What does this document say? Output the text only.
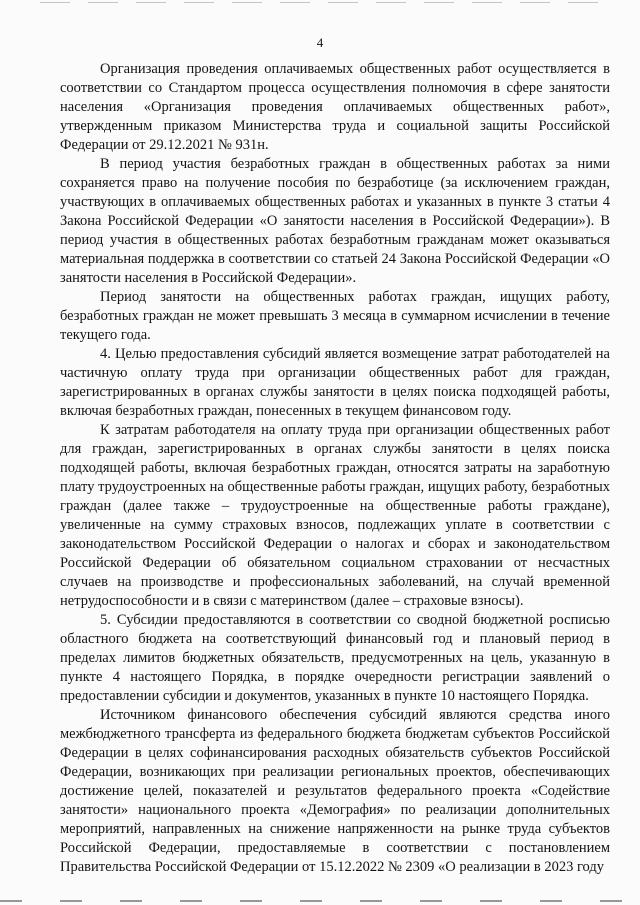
4

Организация проведения оплачиваемых общественных работ осуществляется в соответствии со Стандартом процесса осуществления полномочия в сфере занятости населения «Организация проведения оплачиваемых общественных работ», утвержденным приказом Министерства труда и социальной защиты Российской Федерации от 29.12.2021 № 931н.

В период участия безработных граждан в общественных работах за ними сохраняется право на получение пособия по безработице (за исключением граждан, участвующих в оплачиваемых общественных работах и указанных в пункте 3 статьи 4 Закона Российской Федерации «О занятости населения в Российской Федерации»). В период участия в общественных работах безработным гражданам может оказываться материальная поддержка в соответствии со статьей 24 Закона Российской Федерации «О занятости населения в Российской Федерации».

Период занятости на общественных работах граждан, ищущих работу, безработных граждан не может превышать 3 месяца в суммарном исчислении в течение текущего года.

4. Целью предоставления субсидий является возмещение затрат работодателей на частичную оплату труда при организации общественных работ для граждан, зарегистрированных в органах службы занятости в целях поиска подходящей работы, включая безработных граждан, понесенных в текущем финансовом году.

К затратам работодателя на оплату труда при организации общественных работ для граждан, зарегистрированных в органах службы занятости в целях поиска подходящей работы, включая безработных граждан, относятся затраты на заработную плату трудоустроенных на общественные работы граждан, ищущих работу, безработных граждан (далее также – трудоустроенные на общественные работы граждане), увеличенные на сумму страховых взносов, подлежащих уплате в соответствии с законодательством Российской Федерации о налогах и сборах и законодательством Российской Федерации об обязательном социальном страховании от несчастных случаев на производстве и профессиональных заболеваний, на случай временной нетрудоспособности и в связи с материнством (далее – страховые взносы).

5. Субсидии предоставляются в соответствии со сводной бюджетной росписью областного бюджета на соответствующий финансовый год и плановый период в пределах лимитов бюджетных обязательств, предусмотренных на цель, указанную в пункте 4 настоящего Порядка, в порядке очередности регистрации заявлений о предоставлении субсидии и документов, указанных в пункте 10 настоящего Порядка.

Источником финансового обеспечения субсидий являются средства иного межбюджетного трансферта из федерального бюджета бюджетам субъектов Российской Федерации в целях софинансирования расходных обязательств субъектов Российской Федерации, возникающих при реализации региональных проектов, обеспечивающих достижение целей, показателей и результатов федерального проекта «Содействие занятости» национального проекта «Демография» по реализации дополнительных мероприятий, направленных на снижение напряженности на рынке труда субъектов Российской Федерации, предоставляемые в соответствии с постановлением Правительства Российской Федерации от 15.12.2022 № 2309 «О реализации в 2023 году
